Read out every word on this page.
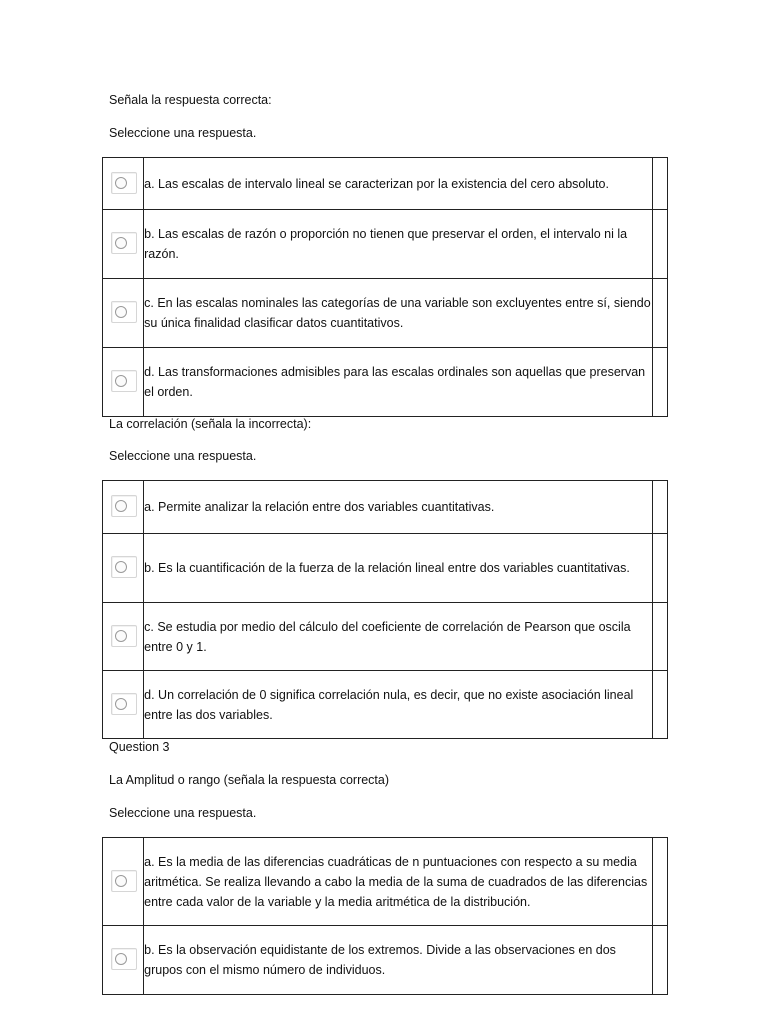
Señala la respuesta correcta:
Seleccione una respuesta.
	a. Las escalas de intervalo lineal se caracterizan por la existencia del cero absoluto.	

	b. Las escalas de razón o proporción no tienen que preservar el orden, el intervalo ni la razón.	

	c. En las escalas nominales las categorías de una variable son excluyentes entre sí, siendo su única finalidad clasificar datos cuantitativos.	

	d. Las transformaciones admisibles para las escalas ordinales son aquellas que preservan el orden.	
La correlación (señala la incorrecta):
Seleccione una respuesta.
	a. Permite analizar la relación entre dos variables cuantitativas.	

	b. Es la cuantificación de la fuerza de la relación lineal entre dos variables cuantitativas.	

	c. Se estudia por medio del cálculo del coeficiente de correlación de Pearson que oscila entre 0 y 1.	

	d. Un correlación de 0 significa correlación nula, es decir, que no existe asociación lineal entre las dos variables.	
Question 3
La Amplitud o rango (señala la respuesta correcta)
Seleccione una respuesta.
	a. Es la media de las diferencias cuadráticas de n puntuaciones con respecto a su media aritmética. Se realiza llevando a cabo la media de la suma de cuadrados de las diferencias entre cada valor de la variable y la media aritmética de la distribución.	

	b. Es la observación equidistante de los extremos. Divide a las observaciones en dos grupos con el mismo número de individuos.	
